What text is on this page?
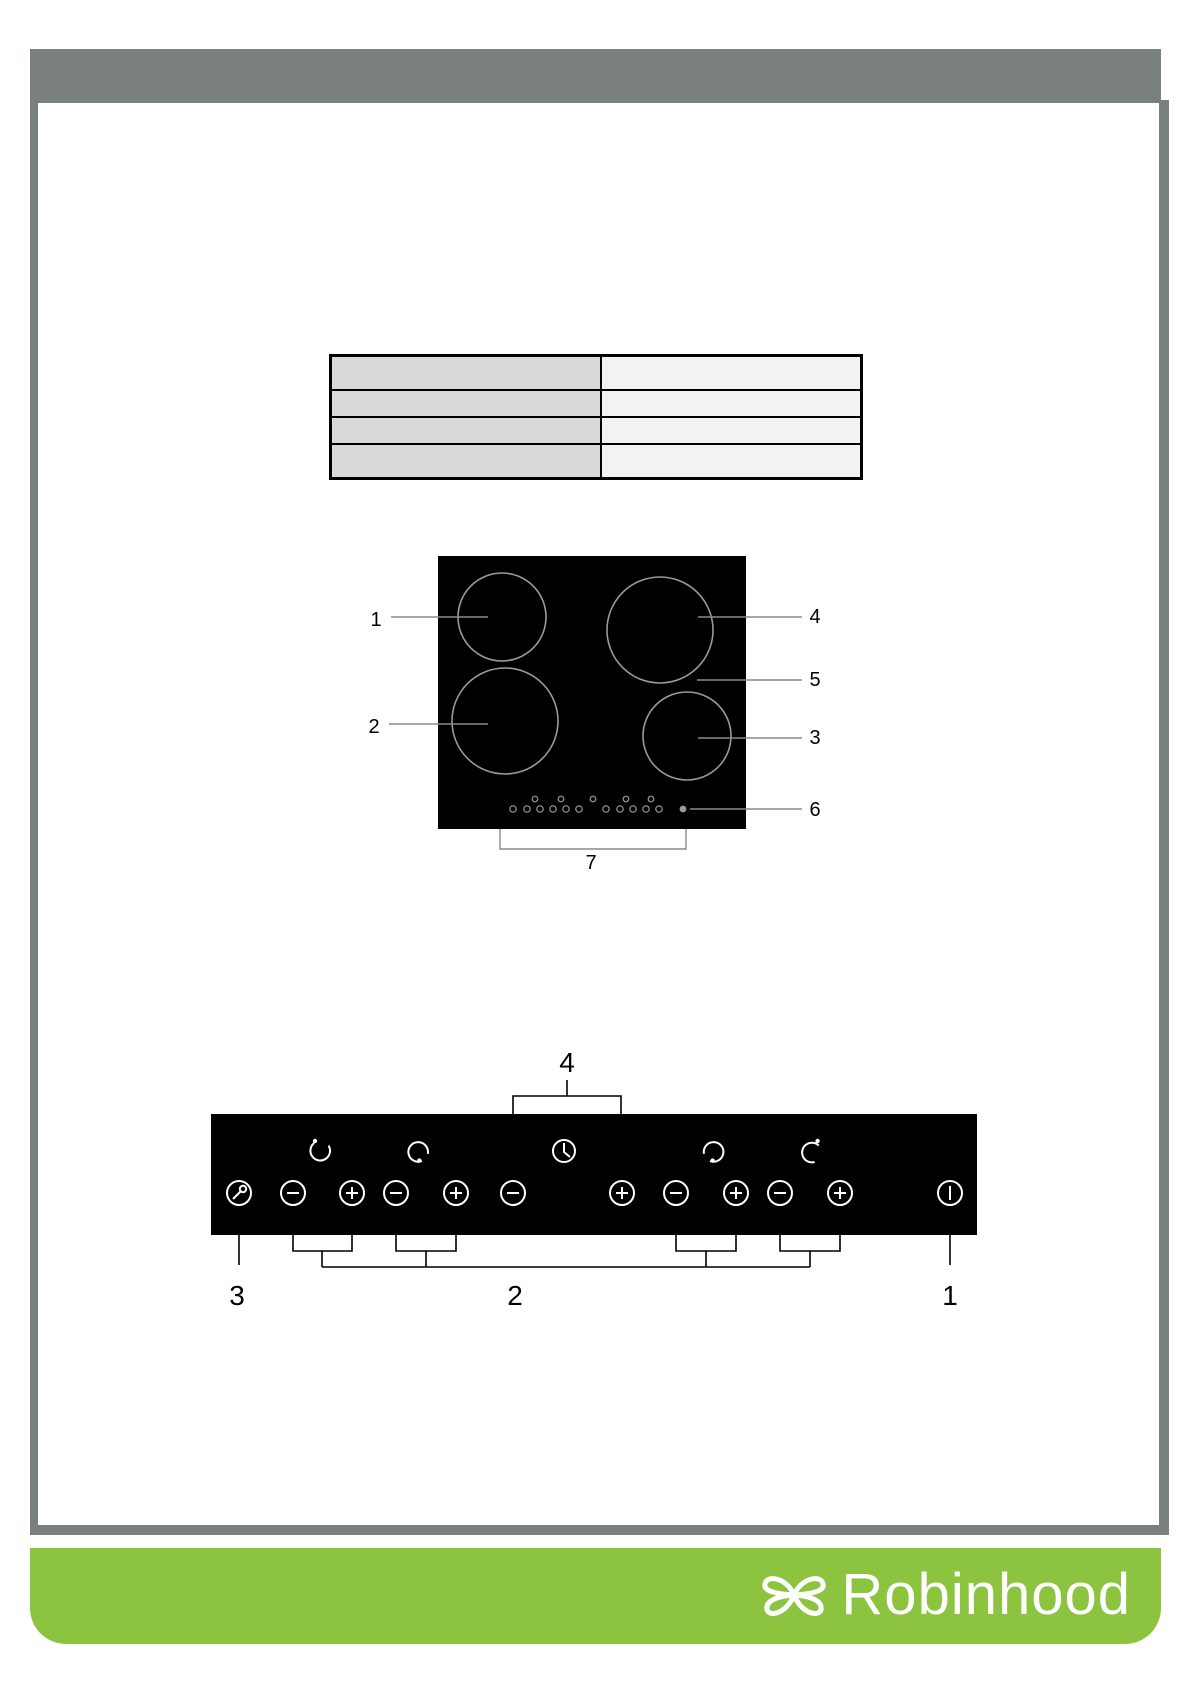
1
2	3
4
5
6
7
4
3	2	1
Robinhood
